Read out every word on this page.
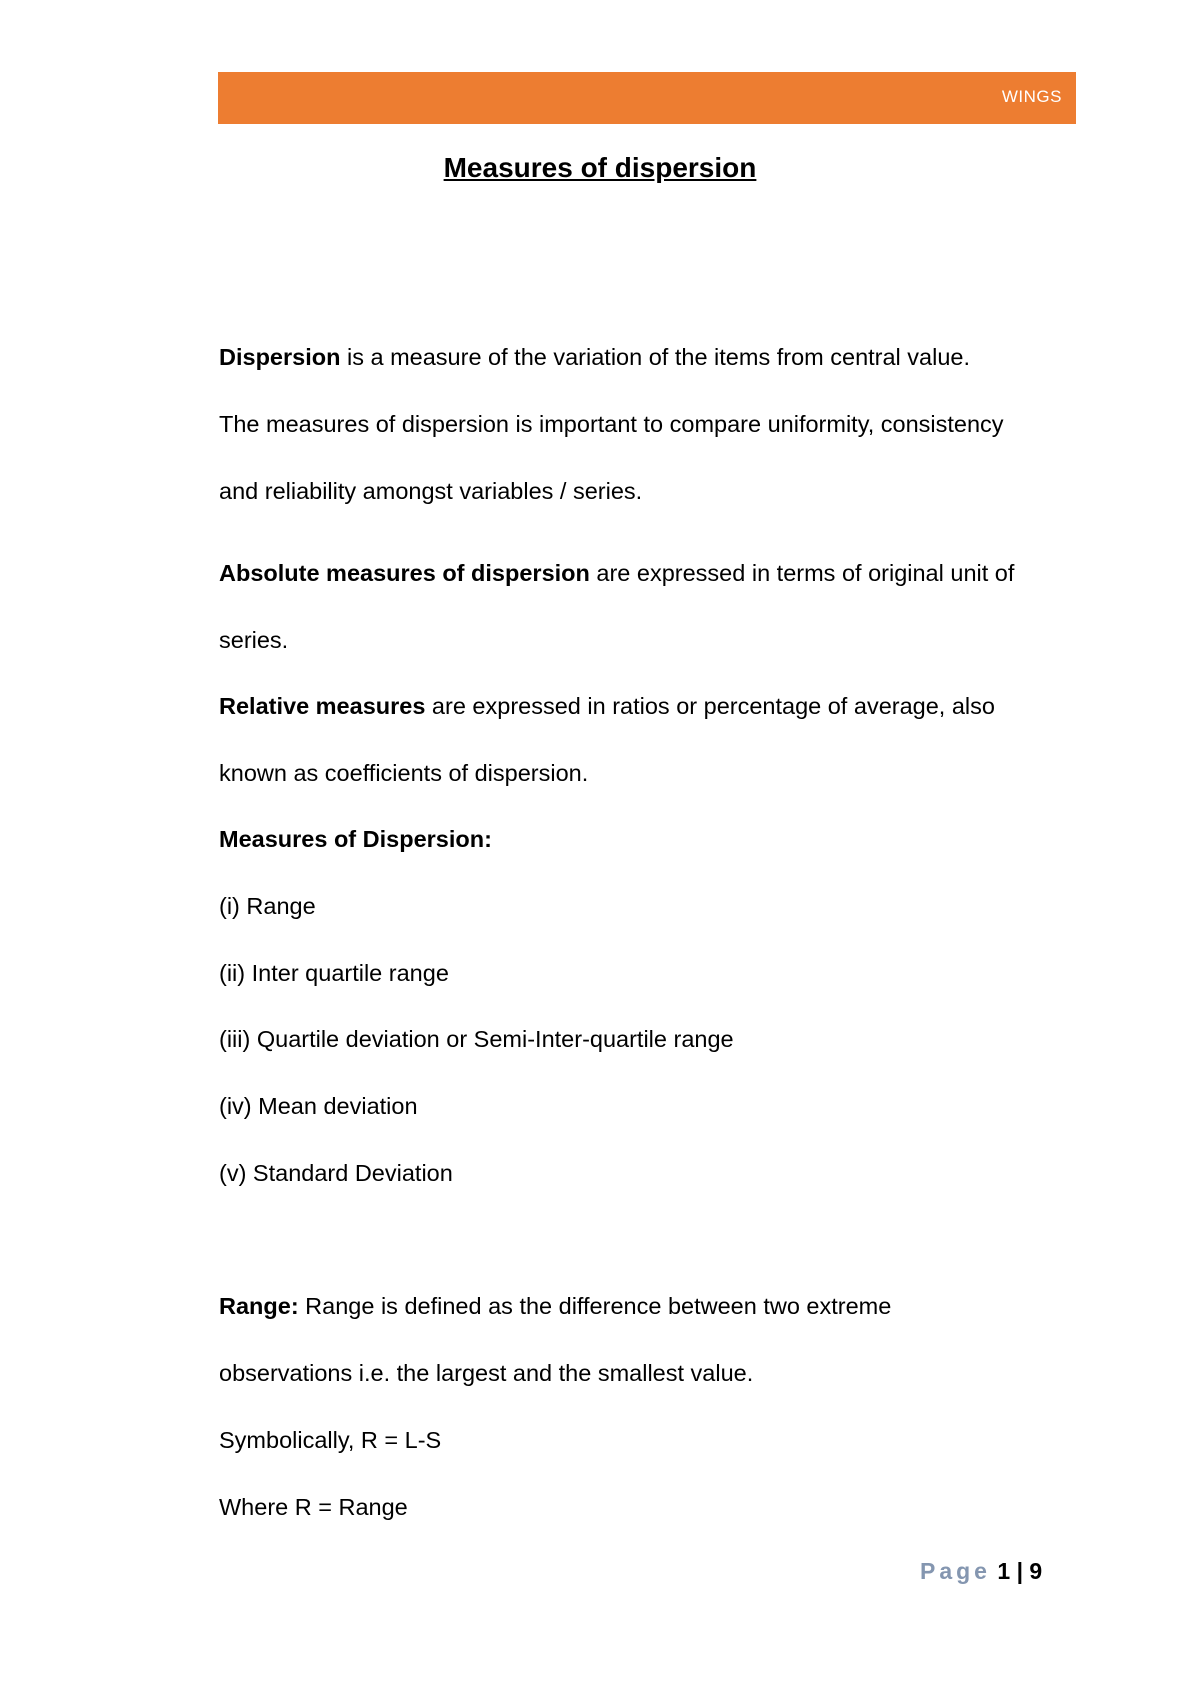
WINGS
Measures of dispersion
Dispersion is a measure of the variation of the items from central value.
The measures of dispersion is important to compare uniformity, consistency
and reliability amongst variables / series.
Absolute measures of dispersion are expressed in terms of original unit of
series.
Relative measures are expressed in ratios or percentage of average, also
known as coefficients of dispersion.
Measures of Dispersion:
(i) Range
(ii) Inter quartile range
(iii) Quartile deviation or Semi-Inter-quartile range
(iv) Mean deviation
(v) Standard Deviation
Range: Range is defined as the difference between two extreme
observations i.e. the largest and the smallest value.
Symbolically, R = L-S
Where R = Range
Page 1 | 9
